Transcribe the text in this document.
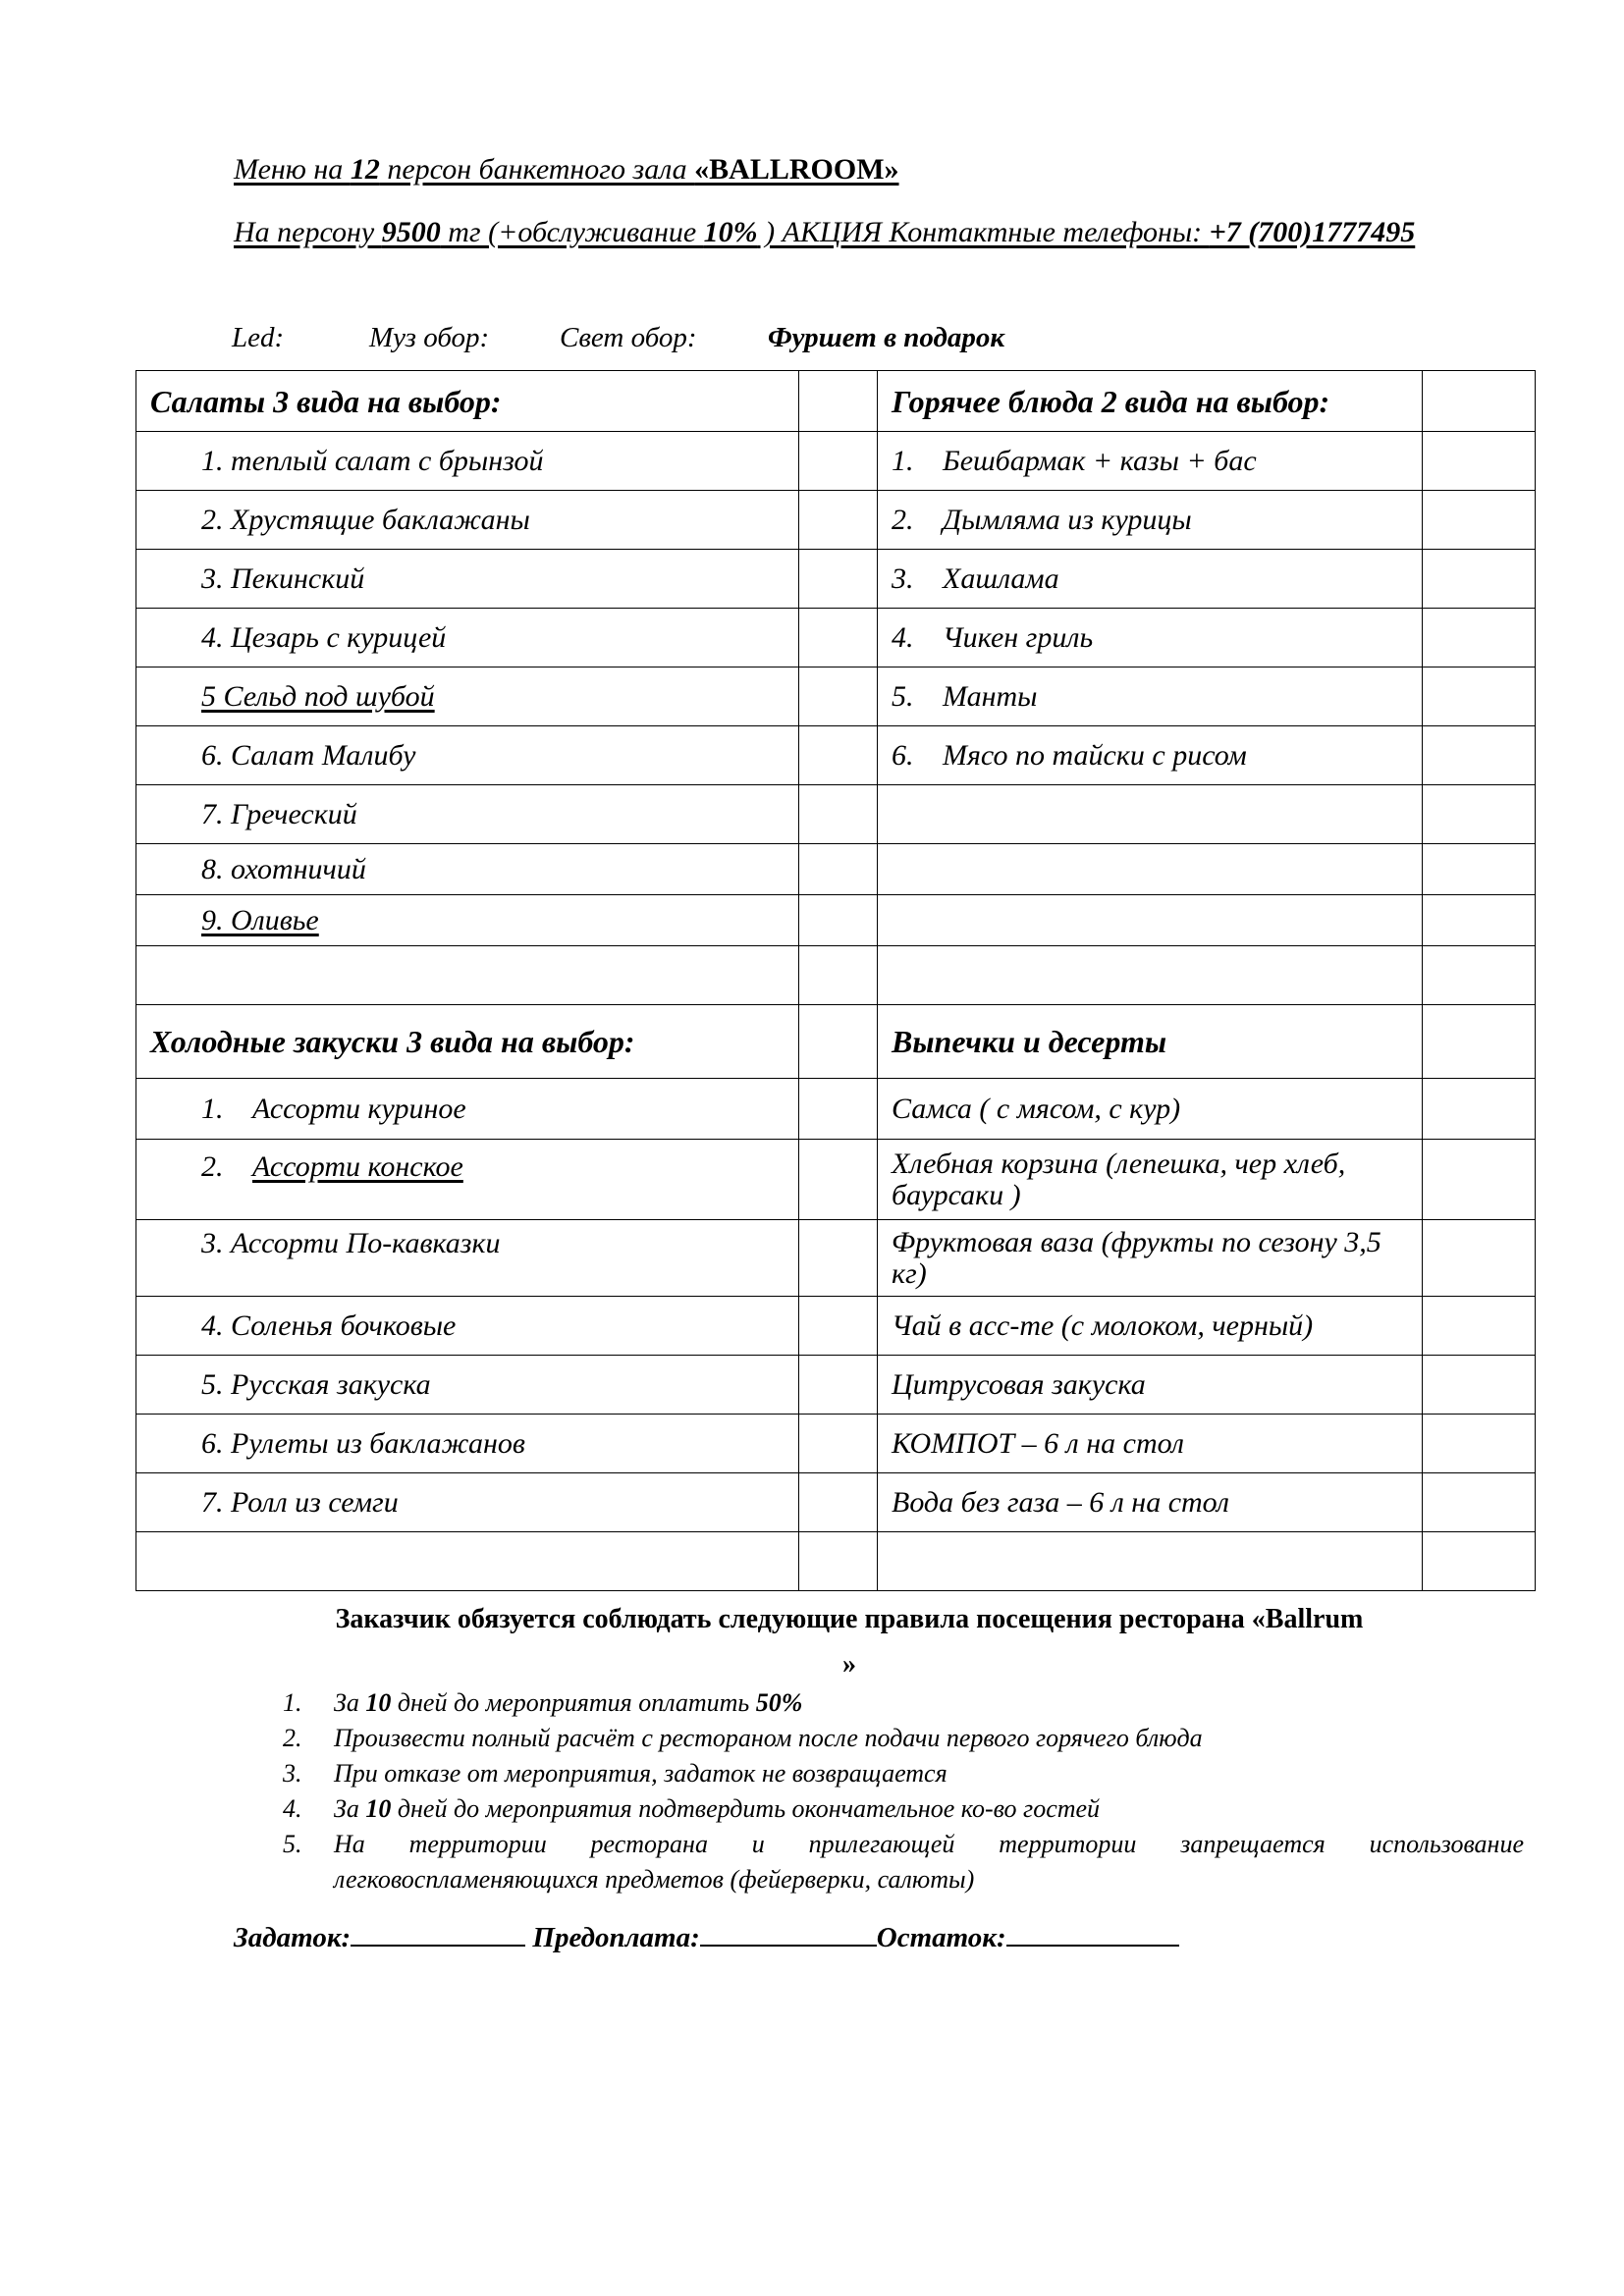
Меню на 12 персон банкетного зала «BALLROOM»
На персону 9500 тг (+обслуживание 10% ) АКЦИЯ Контактные телефоны: +7 (700)1777495
Led:	Муз обор: Свет обор: Фуршет в подарок
Салаты 3 вида на выбор:		Горячее блюда 2 вида на выбор:	
1. теплый салат с брынзой		1. Бешбармак + казы + бас	
2. Хрустящие баклажаны		2. Дымляма из курицы	
3. Пекинский		3. Хашлама	
4. Цезарь с курицей		4. Чикен гриль	
5 Сельд под шубой		5. Манты	
6. Салат Малибу		6. Мясо по тайски с рисом	
7. Греческий			
8. охотничий			
9. Оливье			

Холодные закуски 3 вида на выбор:		Выпечки и десерты	
1. Ассорти куриное		Самса ( с мясом, с кур)	
2. Ассорти конское		Хлебная корзина (лепешка, чер хлеб, баурсаки )	
3. Ассорти По-кавказки		Фруктовая ваза (фрукты по сезону 3,5 кг)	
4. Соленья бочковые		Чай в асс-те (с молоком, черный)	
5. Русская закуска		Цитрусовая закуска	
6. Рулеты из баклажанов		КОМПОТ – 6 л на стол	
7. Ролл из семги		Вода без газа – 6 л на стол	

Заказчик обязуется соблюдать следующие правила посещения ресторана «Ballrum
»
1. За 10 дней до мероприятия оплатить 50%
2. Произвести полный расчёт с рестораном после подачи первого горячего блюда
3. При отказе от мероприятия, задаток не возвращается
4. За 10 дней до мероприятия подтвердить окончательное ко-во гостей
5. На территории ресторана и прилегающей территории запрещается использование
легковоспламеняющихся предметов (фейерверки, салюты)
Задаток:	Предоплата:	Остаток:
